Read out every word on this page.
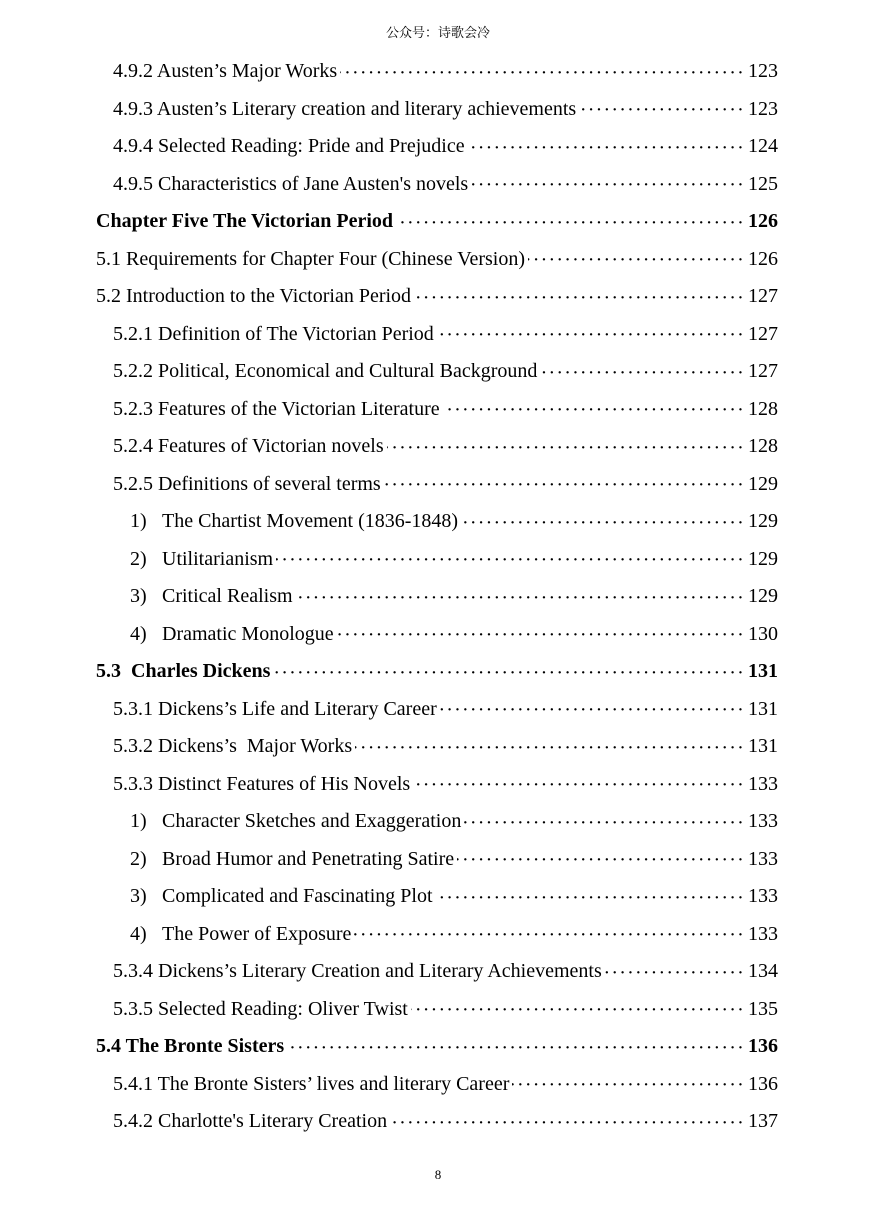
公众号：诗歌会冷
4.9.2 Austen’s Major Works ·····	123
4.9.3 Austen’s Literary creation and literary achievements ·····	123
4.9.4 Selected Reading: Pride and Prejudice ·····	124
4.9.5 Characteristics of Jane Austen's novels ·····	125
Chapter Five The Victorian Period ·····	126
5.1 Requirements for Chapter Four (Chinese Version) ·····	126
5.2 Introduction to the Victorian Period ·····	127
5.2.1 Definition of The Victorian Period ·····	127
5.2.2 Political, Economical and Cultural Background ·····	127
5.2.3 Features of the Victorian Literature ·····	128
5.2.4 Features of Victorian novels ·····	128
5.2.5 Definitions of several terms ·····	129
1) The Chartist Movement (1836-1848) ·····	129
2) Utilitarianism ·····	129
3) Critical Realism ·····	129
4) Dramatic Monologue ·····	130
5.3  Charles Dickens ·····	131
5.3.1 Dickens’s Life and Literary Career ·····	131
5.3.2 Dickens’s  Major Works ·····	131
5.3.3 Distinct Features of His Novels ·····	133
1) Character Sketches and Exaggeration ·····	133
2) Broad Humor and Penetrating Satire ·····	133
3) Complicated and Fascinating Plot ·····	133
4) The Power of Exposure ·····	133
5.3.4 Dickens’s Literary Creation and Literary Achievements ·····	134
5.3.5 Selected Reading: Oliver Twist ·····	135
5.4 The Bronte Sisters ·····	136
5.4.1 The Bronte Sisters’ lives and literary Career ·····	136
5.4.2 Charlotte's Literary Creation ·····	137
8
